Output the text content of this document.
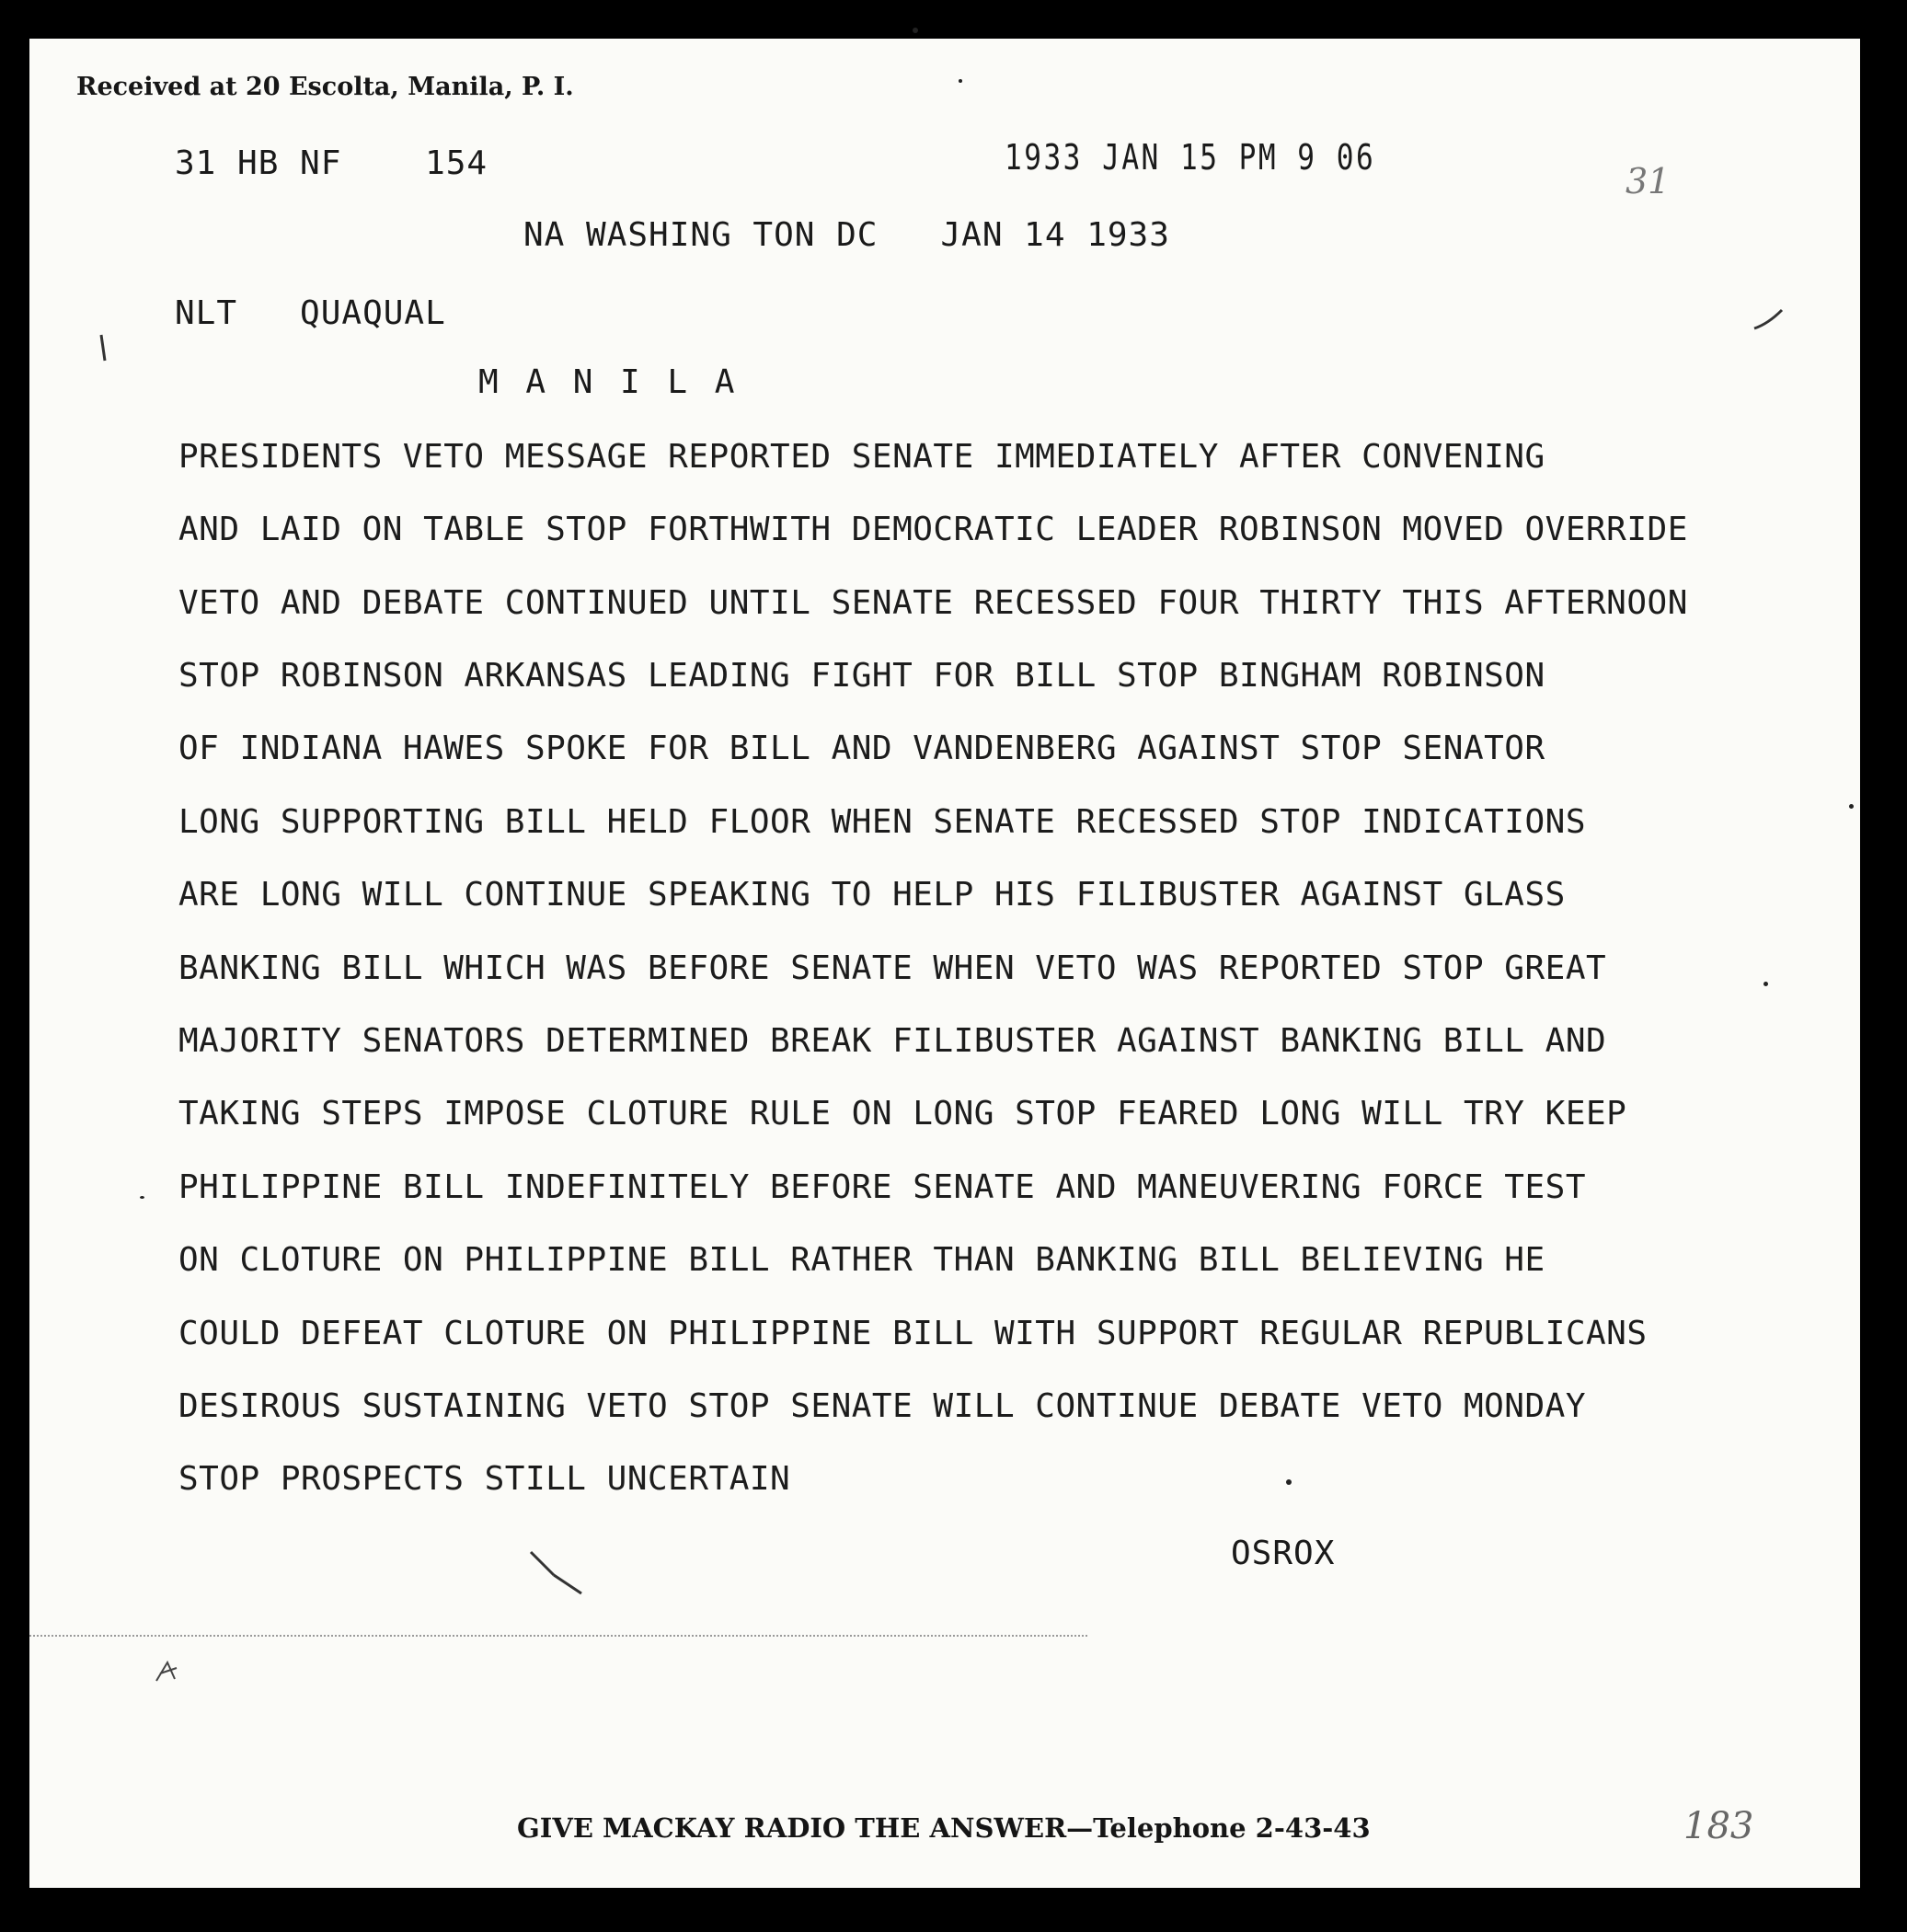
Received at 20 Escolta, Manila, P. I.
31 HB NF    154	1933 JAN 15 PM 9 06
31
NA WASHING TON DC   JAN 14 1933
NLT   QUAQUAL
M A N I L A
PRESIDENTS VETO MESSAGE REPORTED SENATE IMMEDIATELY AFTER CONVENING
AND LAID ON TABLE STOP FORTHWITH DEMOCRATIC LEADER ROBINSON MOVED OVERRIDE
VETO AND DEBATE CONTINUED UNTIL SENATE RECESSED FOUR THIRTY THIS AFTERNOON
STOP ROBINSON ARKANSAS LEADING FIGHT FOR BILL STOP BINGHAM ROBINSON
OF INDIANA HAWES SPOKE FOR BILL AND VANDENBERG AGAINST STOP SENATOR
LONG SUPPORTING BILL HELD FLOOR WHEN SENATE RECESSED STOP INDICATIONS
ARE LONG WILL CONTINUE SPEAKING TO HELP HIS FILIBUSTER AGAINST GLASS
BANKING BILL WHICH WAS BEFORE SENATE WHEN VETO WAS REPORTED STOP GREAT
MAJORITY SENATORS DETERMINED BREAK FILIBUSTER AGAINST BANKING BILL AND
TAKING STEPS IMPOSE CLOTURE RULE ON LONG STOP FEARED LONG WILL TRY KEEP
PHILIPPINE BILL INDEFINITELY BEFORE SENATE AND MANEUVERING FORCE TEST
ON CLOTURE ON PHILIPPINE BILL RATHER THAN BANKING BILL BELIEVING HE
COULD DEFEAT CLOTURE ON PHILIPPINE BILL WITH SUPPORT REGULAR REPUBLICANS
DESIROUS SUSTAINING VETO STOP SENATE WILL CONTINUE DEBATE VETO MONDAY
STOP PROSPECTS STILL UNCERTAIN
OSROX
GIVE MACKAY RADIO THE ANSWER—Telephone 2-43-43	183
